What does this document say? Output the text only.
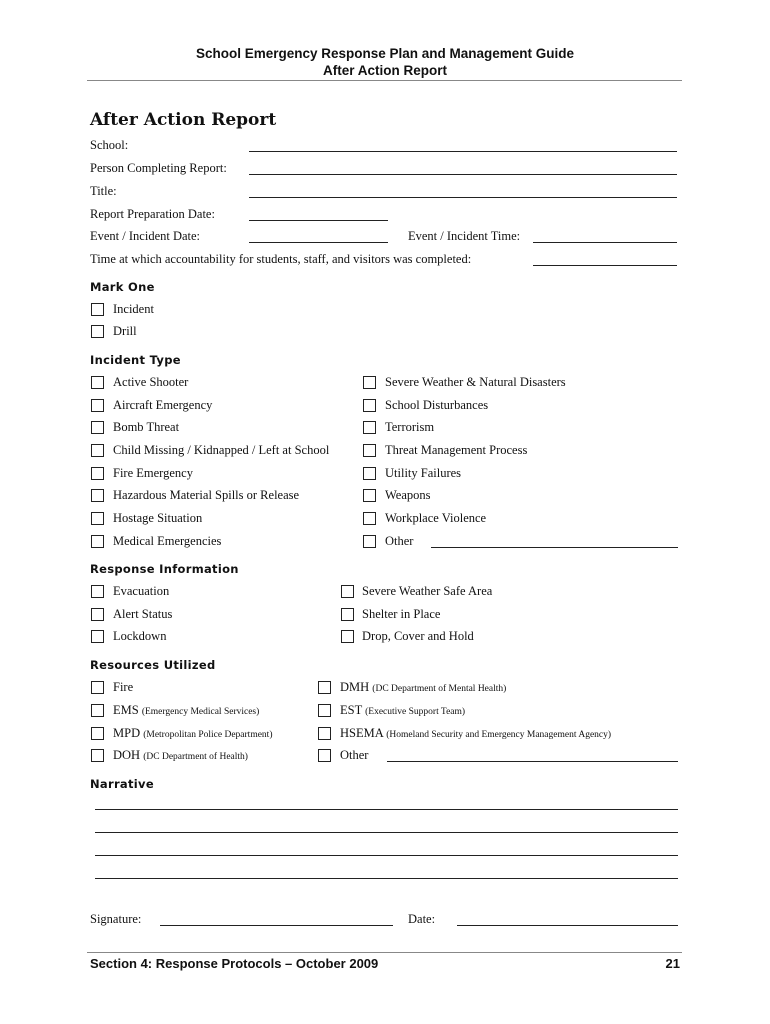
School Emergency Response Plan and Management Guide
After Action Report
After Action Report
School:
Person Completing Report:
Title:
Report Preparation Date:
Event / Incident Date:	Event / Incident Time:
Time at which accountability for students, staff, and visitors was completed:
Mark One
Incident
Drill
Incident Type
Active Shooter
Aircraft Emergency
Bomb Threat
Child Missing / Kidnapped / Left at School
Fire Emergency
Hazardous Material Spills or Release
Hostage Situation
Medical Emergencies
Severe Weather & Natural Disasters
School Disturbances
Terrorism
Threat Management Process
Utility Failures
Weapons
Workplace Violence
Other
Response Information
Evacuation
Alert Status
Lockdown
Severe Weather Safe Area
Shelter in Place
Drop, Cover and Hold
Resources Utilized
Fire
EMS (Emergency Medical Services)
MPD (Metropolitan Police Department)
DOH (DC Department of Health)
DMH (DC Department of Mental Health)
EST (Executive Support Team)
HSEMA (Homeland Security and Emergency Management Agency)
Other
Narrative
Signature:	Date:
Section 4: Response Protocols – October 2009	21
